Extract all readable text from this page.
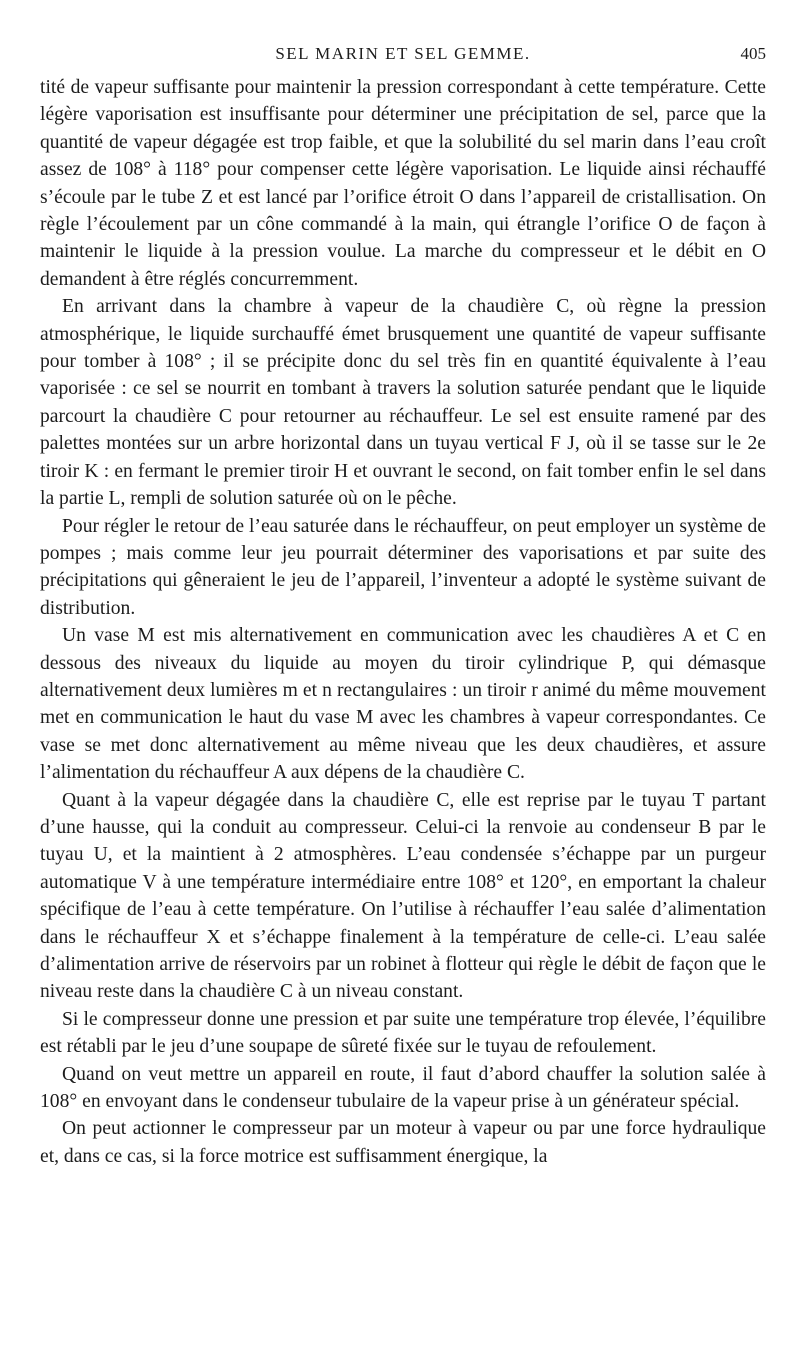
SEL MARIN ET SEL GEMME.	405

tité de vapeur suffisante pour maintenir la pression correspondant à cette température. Cette légère vaporisation est insuffisante pour déterminer une précipitation de sel, parce que la quantité de vapeur dégagée est trop faible, et que la solubilité du sel marin dans l’eau croît assez de 108° à 118° pour compenser cette légère vaporisation. Le liquide ainsi réchauffé s’écoule par le tube Z et est lancé par l’orifice étroit O dans l’appareil de cristallisation. On règle l’écoulement par un cône commandé à la main, qui étrangle l’orifice O de façon à maintenir le liquide à la pression voulue. La marche du compresseur et le débit en O demandent à être réglés concurremment.

En arrivant dans la chambre à vapeur de la chaudière C, où règne la pression atmosphérique, le liquide surchauffé émet brusquement une quantité de vapeur suffisante pour tomber à 108° ; il se précipite donc du sel très fin en quantité équivalente à l’eau vaporisée : ce sel se nourrit en tombant à travers la solution saturée pendant que le liquide parcourt la chaudière C pour retourner au réchauffeur. Le sel est ensuite ramené par des palettes montées sur un arbre horizontal dans un tuyau vertical F J, où il se tasse sur le 2e tiroir K : en fermant le premier tiroir H et ouvrant le second, on fait tomber enfin le sel dans la partie L, rempli de solution saturée où on le pêche.

Pour régler le retour de l’eau saturée dans le réchauffeur, on peut employer un système de pompes ; mais comme leur jeu pourrait déterminer des vaporisations et par suite des précipitations qui gêneraient le jeu de l’appareil, l’inventeur a adopté le système suivant de distribution.

Un vase M est mis alternativement en communication avec les chaudières A et C en dessous des niveaux du liquide au moyen du tiroir cylindrique P, qui démasque alternativement deux lumières m et n rectangulaires : un tiroir r animé du même mouvement met en communication le haut du vase M avec les chambres à vapeur correspondantes. Ce vase se met donc alternativement au même niveau que les deux chaudières, et assure l’alimentation du réchauffeur A aux dépens de la chaudière C.

Quant à la vapeur dégagée dans la chaudière C, elle est reprise par le tuyau T partant d’une hausse, qui la conduit au compresseur. Celui-ci la renvoie au condenseur B par le tuyau U, et la maintient à 2 atmosphères. L’eau condensée s’échappe par un purgeur automatique V à une température intermédiaire entre 108° et 120°, en emportant la chaleur spécifique de l’eau à cette température. On l’utilise à réchauffer l’eau salée d’alimentation dans le réchauffeur X et s’échappe finalement à la température de celle-ci. L’eau salée d’alimentation arrive de réservoirs par un robinet à flotteur qui règle le débit de façon que le niveau reste dans la chaudière C à un niveau constant.

Si le compresseur donne une pression et par suite une température trop élevée, l’équilibre est rétabli par le jeu d’une soupape de sûreté fixée sur le tuyau de refoulement.

Quand on veut mettre un appareil en route, il faut d’abord chauffer la solution salée à 108° en envoyant dans le condenseur tubulaire de la vapeur prise à un générateur spécial.

On peut actionner le compresseur par un moteur à vapeur ou par une force hydraulique et, dans ce cas, si la force motrice est suffisamment énergique, la
